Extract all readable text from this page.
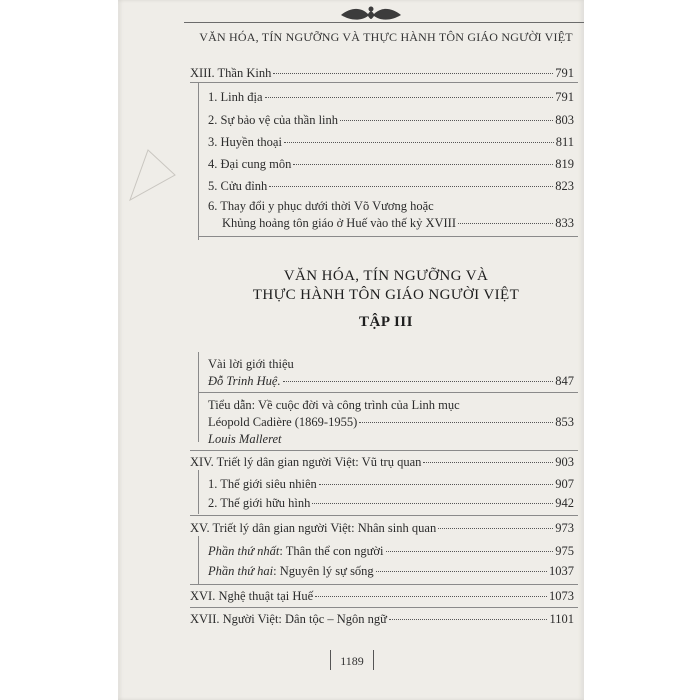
VĂN HÓA, TÍN NGƯỠNG VÀ THỰC HÀNH TÔN GIÁO NGƯỜI VIỆT
XIII. Thần Kinh	791
1. Linh địa	791
2. Sự bảo vệ của thần linh	803
3. Huyền thoại	811
4. Đại cung môn	819
5. Cửu đỉnh	823
6. Thay đổi y phục dưới thời Võ Vương hoặc
Khủng hoảng tôn giáo ở Huế vào thế kỷ XVIII	833
VĂN HÓA, TÍN NGƯỠNG VÀ
THỰC HÀNH TÔN GIÁO NGƯỜI VIỆT
TẬP III
Vài lời giới thiệu
Đỗ Trinh Huệ.	847
Tiểu dẫn: Về cuộc đời và công trình của Linh mục
Léopold Cadière (1869-1955)	853
Louis Malleret
XIV. Triết lý dân gian người Việt: Vũ trụ quan	903
1. Thế giới siêu nhiên	907
2. Thế giới hữu hình	942
XV. Triết lý dân gian người Việt: Nhân sinh quan	973
Phần thứ nhất: Thân thể con người	975
Phần thứ hai: Nguyên lý sự sống	1037
XVI. Nghệ thuật tại Huế	1073
XVII. Người Việt: Dân tộc – Ngôn ngữ	1101
1189
